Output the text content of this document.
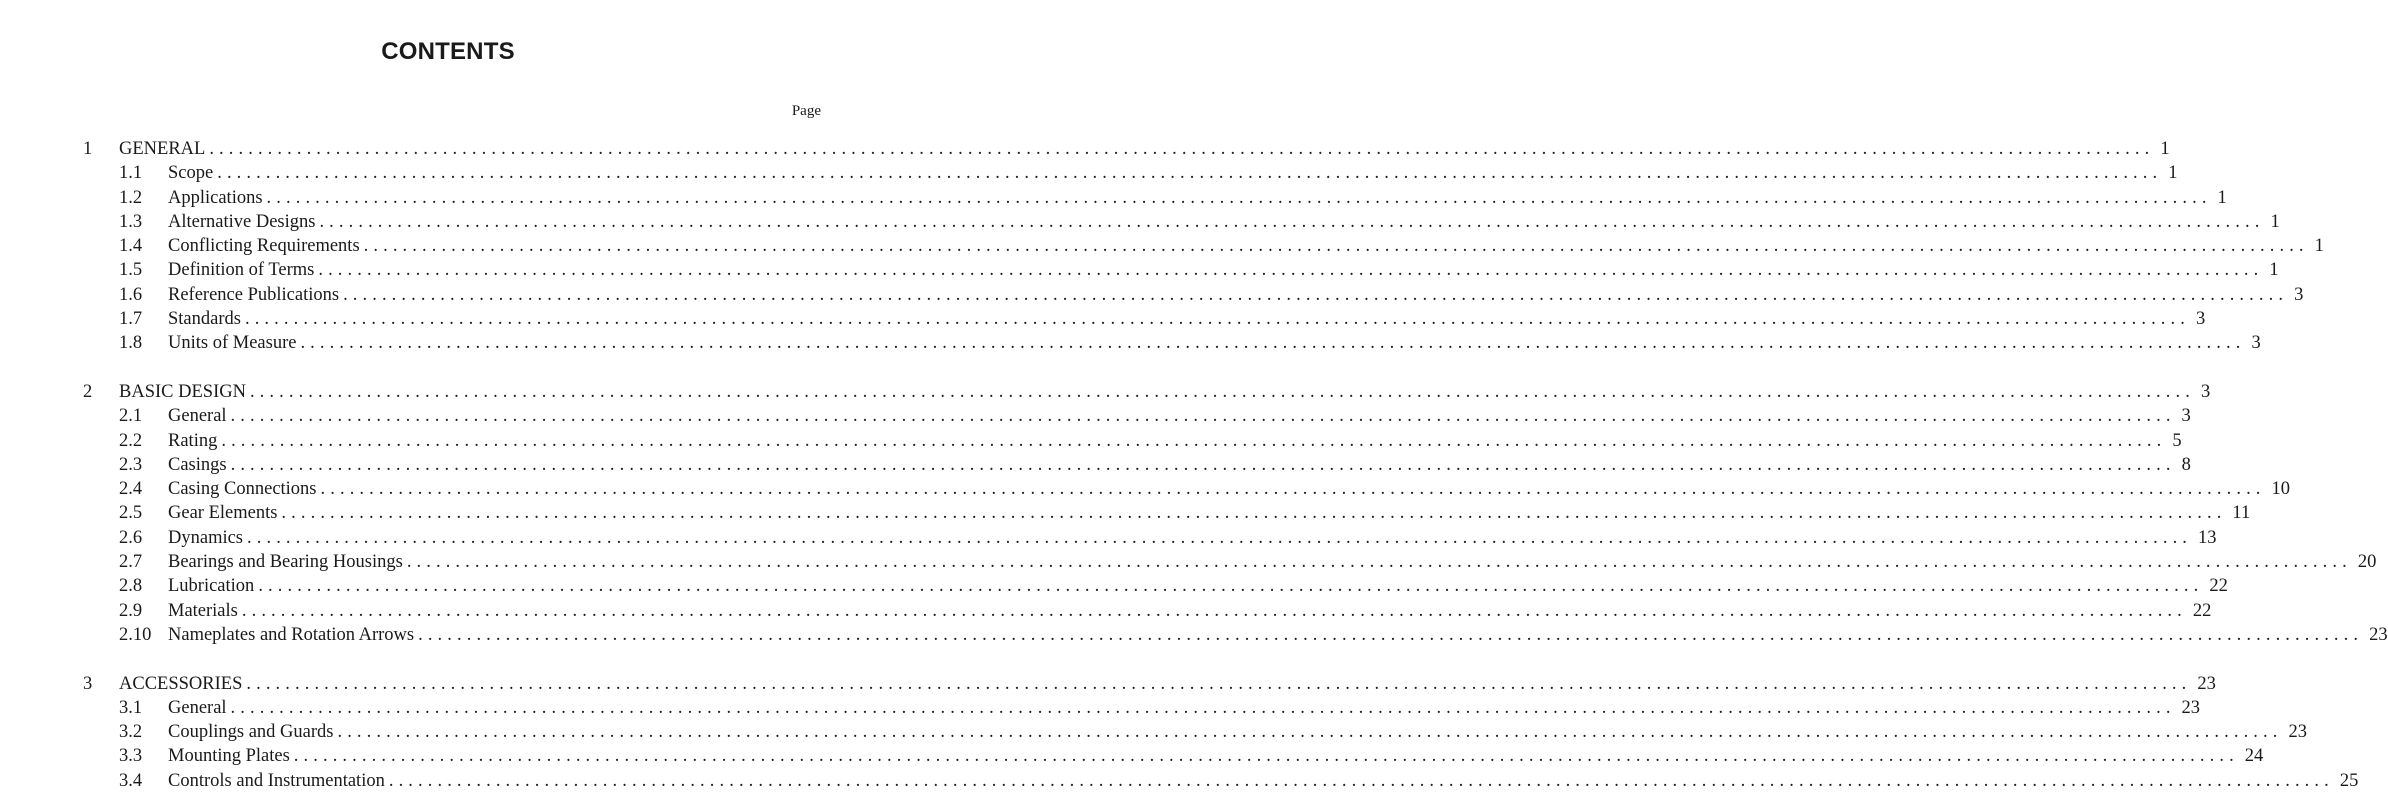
CONTENTS
Page
1 GENERAL ........................................................................................................................................................................................................ 1
1.1 Scope ........................................................................................................................................................................................................ 1
1.2 Applications ........................................................................................................................................................................................................ 1
1.3 Alternative Designs ........................................................................................................................................................................................................ 1
1.4 Conflicting Requirements ........................................................................................................................................................................................................ 1
1.5 Definition of Terms ........................................................................................................................................................................................................ 1
1.6 Reference Publications ........................................................................................................................................................................................................ 3
1.7 Standards ........................................................................................................................................................................................................ 3
1.8 Units of Measure ........................................................................................................................................................................................................ 3
2 BASIC DESIGN ........................................................................................................................................................................................................ 3
2.1 General ........................................................................................................................................................................................................ 3
2.2 Rating ........................................................................................................................................................................................................ 5
2.3 Casings ........................................................................................................................................................................................................ 8
2.4 Casing Connections ........................................................................................................................................................................................................ 10
2.5 Gear Elements ........................................................................................................................................................................................................ 11
2.6 Dynamics ........................................................................................................................................................................................................ 13
2.7 Bearings and Bearing Housings ........................................................................................................................................................................................................ 20
2.8 Lubrication ........................................................................................................................................................................................................ 22
2.9 Materials ........................................................................................................................................................................................................ 22
2.10 Nameplates and Rotation Arrows ........................................................................................................................................................................................................ 23
3 ACCESSORIES ........................................................................................................................................................................................................ 23
3.1 General ........................................................................................................................................................................................................ 23
3.2 Couplings and Guards ........................................................................................................................................................................................................ 23
3.3 Mounting Plates ........................................................................................................................................................................................................ 24
3.4 Controls and Instrumentation ........................................................................................................................................................................................................ 25
